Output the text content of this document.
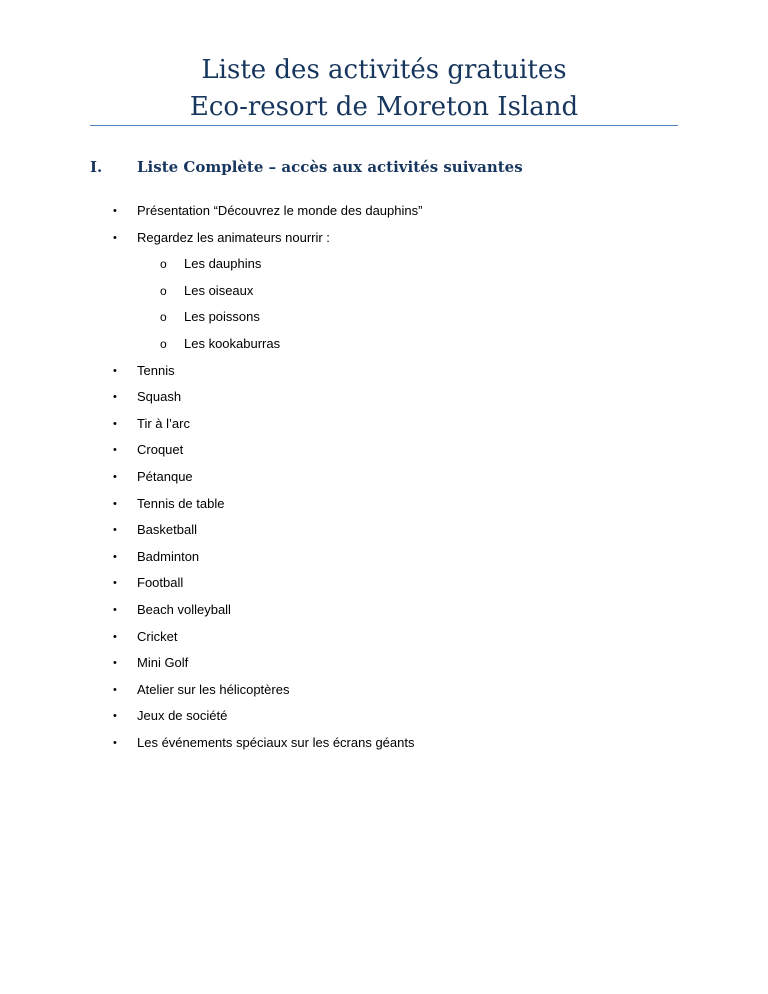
Liste des activités gratuites
Eco-resort de Moreton Island
I. Liste Complète – accès aux activités suivantes
• Présentation “Découvrez le monde des dauphins”
• Regardez les animateurs nourrir :
o Les dauphins
o Les oiseaux
o Les poissons
o Les kookaburras
• Tennis
• Squash
• Tir à l’arc
• Croquet
• Pétanque
• Tennis de table
• Basketball
• Badminton
• Football
• Beach volleyball
• Cricket
• Mini Golf
• Atelier sur les hélicoptères
• Jeux de société
• Les événements spéciaux sur les écrans géants
